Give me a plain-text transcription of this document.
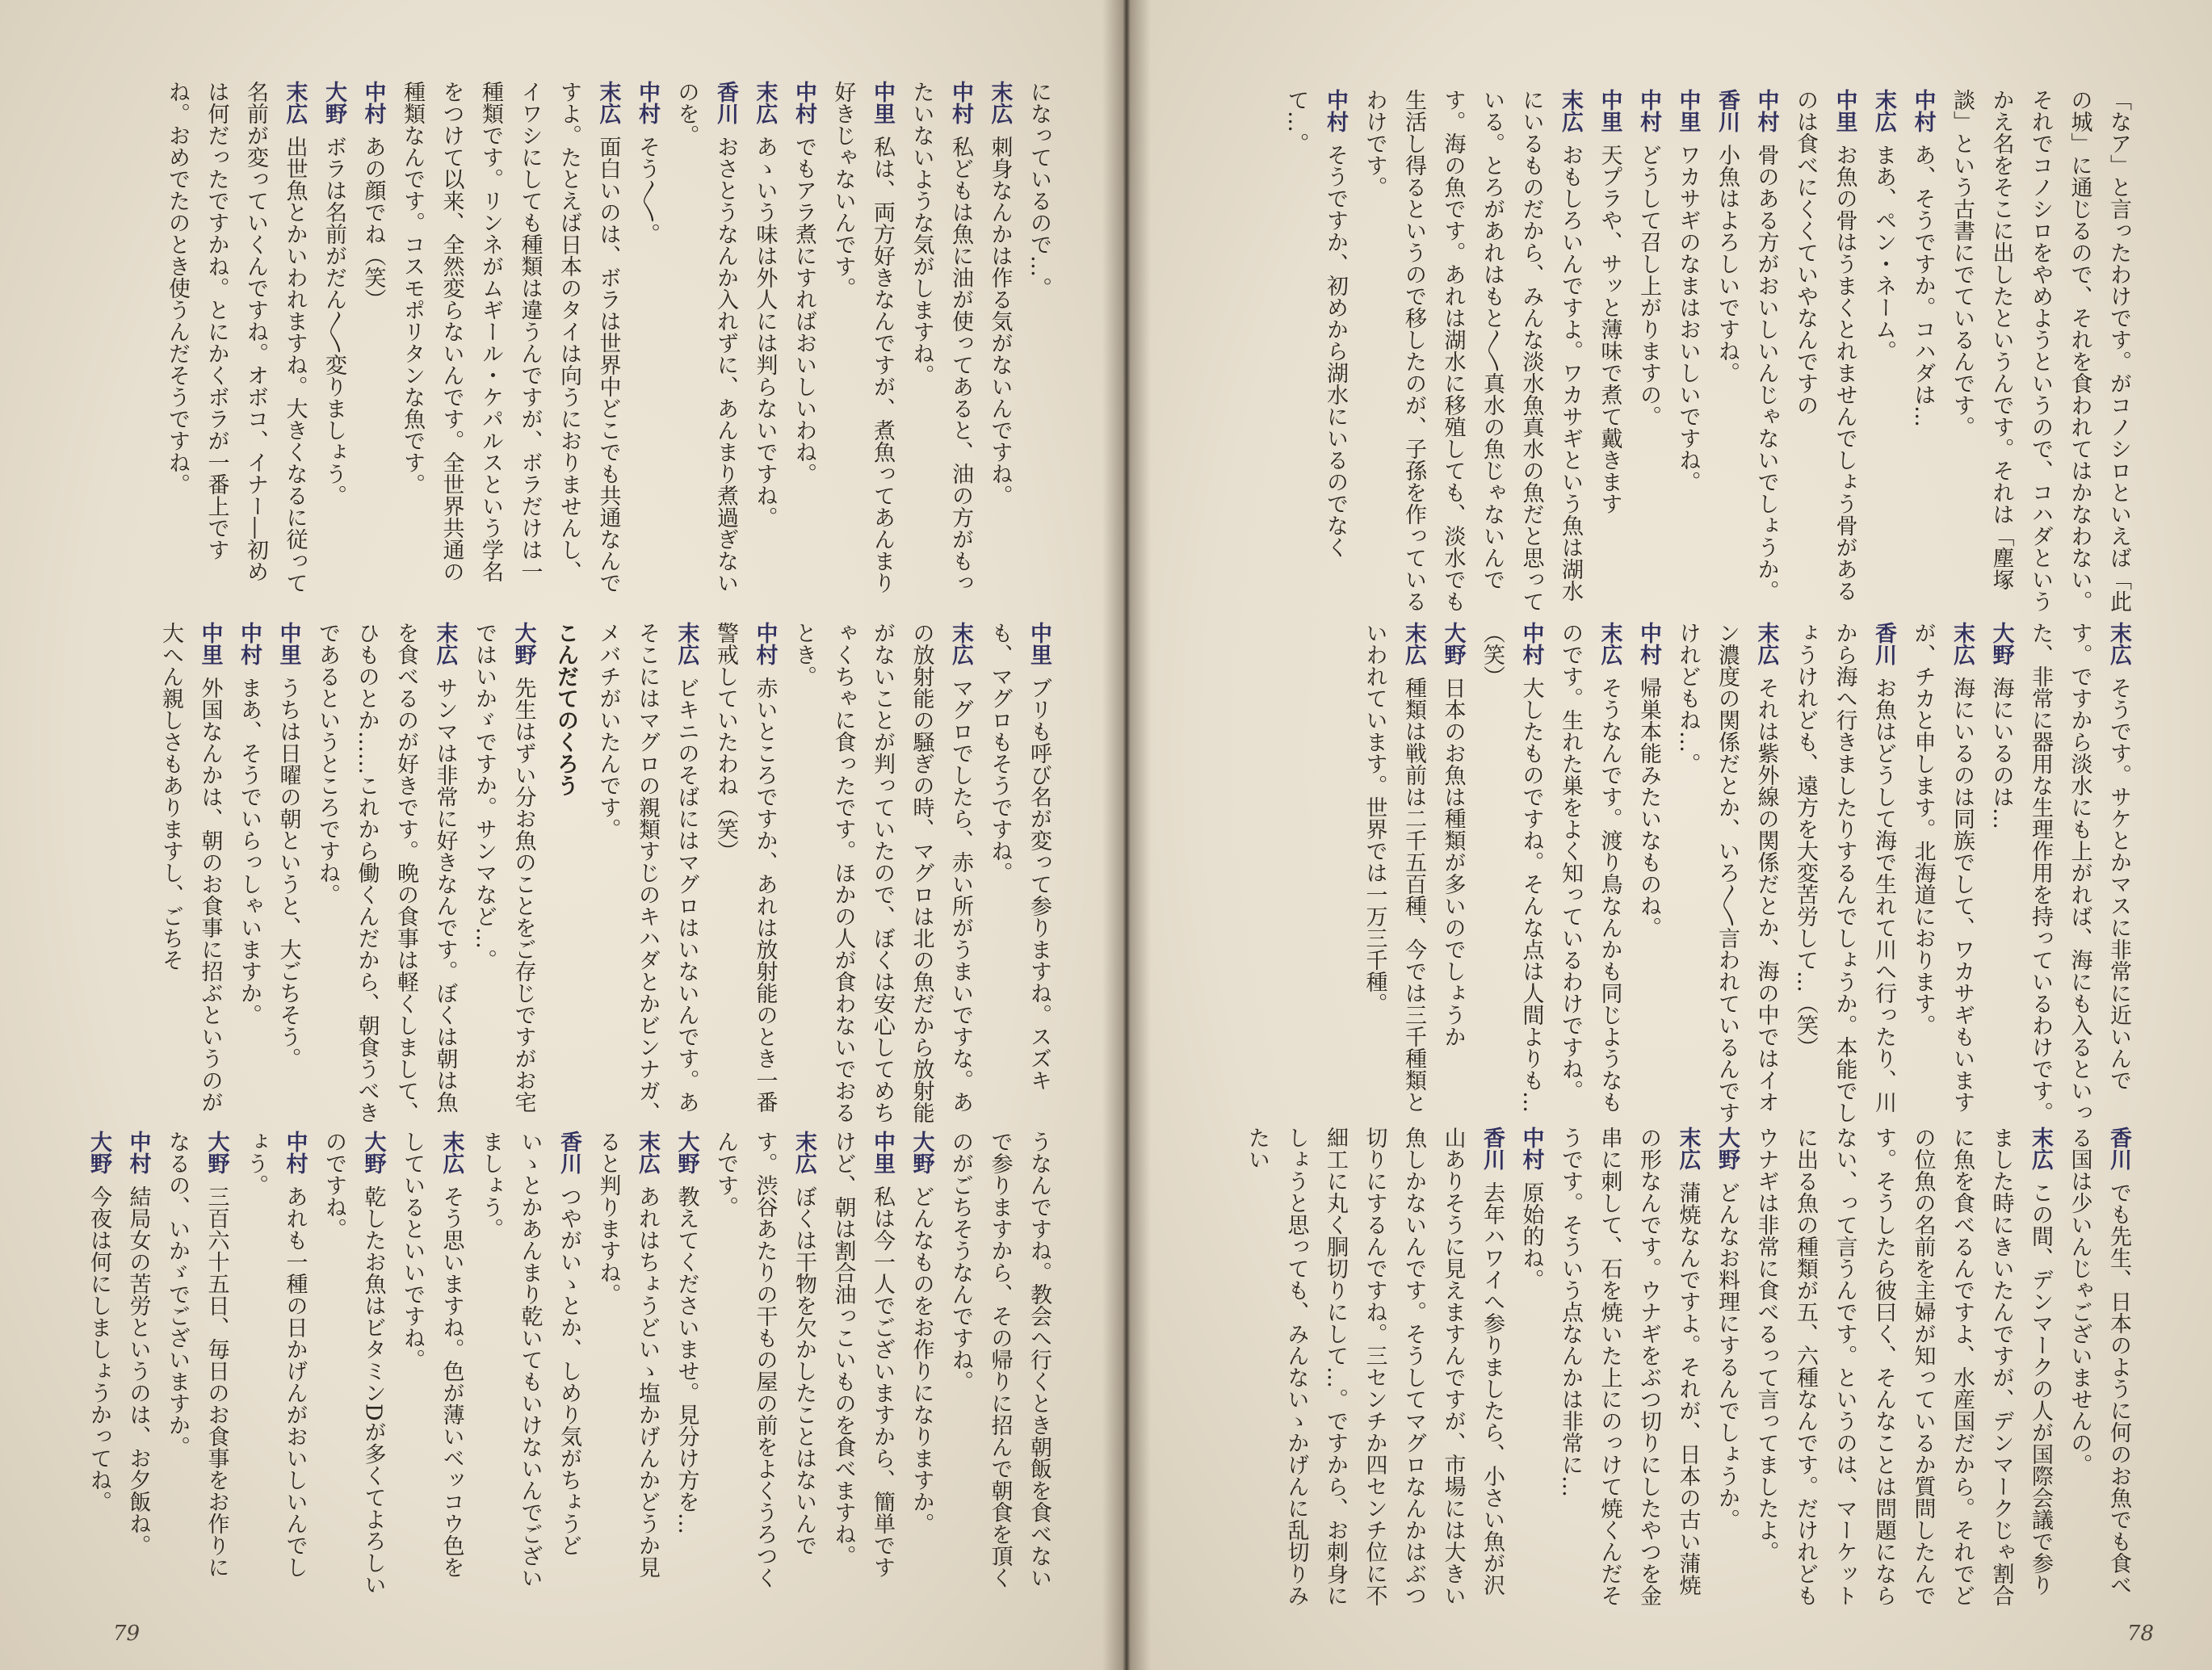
になっているので…。

末広刺身なんかは作る気がないんですね。

中村私どもは魚に油が使ってあると、油の方がもったいないような気がしますね。

中里私は、両方好きなんですが、煮魚ってあんまり好きじゃないんです。

中村でもアラ煮にすればおいしいわね。

末広あゝいう味は外人には判らないですね。

香川おさとうなんか入れずに、あんまり煮過ぎないのを。

中村そう〳〵。

末広面白いのは、ボラは世界中どこでも共通なんですよ。たとえば日本のタイは向うにおりませんし、イワシにしても種類は違うんですが、ボラだけは一種類です。リンネがムギール・ケパルスという学名をつけて以来、全然変らないんです。全世界共通の種類なんです。コスモポリタンな魚です。

中村あの顔でね（笑）

大野ボラは名前がだん〳〵変りましょう。

末広出世魚とかいわれますね。大きくなるに従って名前が変っていくんですね。オボコ、イナー―初めは何だったですかね。とにかくボラが一番上ですね。おめでたのとき使うんだそうですね。

中里ブリも呼び名が変って参りますね。スズキも、マグロもそうですね。

末広マグロでしたら、赤い所がうまいですな。あの放射能の騒ぎの時、マグロは北の魚だから放射能がないことが判っていたので、ぼくは安心してめちゃくちゃに食ったです。ほかの人が食わないでおるとき。

中村赤いところですか、あれは放射能のとき一番警戒していたわね（笑）

末広ビキニのそばにはマグロはいないんです。あそこにはマグロの親類すじのキハダとかビンナガ、メバチがいたんです。

こんだてのくろう

大野先生はずい分お魚のことをご存じですがお宅ではいかゞですか。サンマなど…。

末広サンマは非常に好きなんです。ぼくは朝は魚を食べるのが好きです。晩の食事は軽くしまして、ひものとか……これから働くんだから、朝食うべきであるというところですね。

中里うちは日曜の朝というと、大ごちそう。

中村まあ、そうでいらっしゃいますか。

中里外国なんかは、朝のお食事に招ぶというのが大へん親しさもありますし、ごちそ

うなんですね。教会へ行くとき朝飯を食べないで参りますから、その帰りに招んで朝食を頂くのがごちそうなんですね。

大野どんなものをお作りになりますか。

中里私は今一人でございますから、簡単ですけど、朝は割合油っこいものを食べますね。

末広ぼくは干物を欠かしたことはないんです。渋谷あたりの干もの屋の前をよくうろつくんです。

大野教えてくださいませ。見分け方を…

末広あれはちょうどいゝ塩かげんかどうか見ると判りますね。

香川つやがいゝとか、しめり気がちょうどいゝとかあんまり乾いてもいけないんでございましょう。

末広そう思いますね。色が薄いベッコウ色をしているといいですね。

大野乾したお魚はビタミンDが多くてよろしいのですね。

中村あれも一種の日かげんがおいしいんでしょう。

大野三百六十五日、毎日のお食事をお作りになるの、いかゞでございますか。

中村結局女の苦労というのは、お夕飯ね。

大野今夜は何にしましょうかってね。

79

「なア」と言ったわけです。がコノシロといえば「此の城」に通じるので、それを食われてはかなわない。それでコノシロをやめようというので、コハダというかえ名をそこに出したというんです。それは「塵塚談」という古書にでているんです。

中村あ、そうですか。コハダは…

末広まあ、ペン・ネーム。

中里お魚の骨はうまくとれませんでしょう骨があるのは食べにくくていやなんですの

中村骨のある方がおいしいんじゃないでしょうか。

香川小魚はよろしいですね。

中里ワカサギのなまはおいしいですね。

中村どうして召し上がりますの。

中里天プラや、サッと薄味で煮て戴きます

末広おもしろいんですよ。ワカサギという魚は湖水にいるものだから、みんな淡水魚真水の魚だと思っている。とろがあれはもと〳〵真水の魚じゃないんです。海の魚です。あれは湖水に移殖しても、淡水でも生活し得るというので移したのが、子孫を作っているわけです。

中村そうですか、初めから湖水にいるのでなくて…。

末広そうです。サケとかマスに非常に近いんです。ですから淡水にも上がれば、海にも入るといった、非常に器用な生理作用を持っているわけです。

大野海にいるのは…

末広海にいるのは同族でして、ワカサギもいますが、チカと申します。北海道におります。

香川お魚はどうして海で生れて川へ行ったり、川から海へ行きましたりするんでしょうか。本能でしょうけれども、遠方を大変苦労して…（笑）

末広それは紫外線の関係だとか、海の中ではイオン濃度の関係だとか、いろ〳〵言われているんですけれどもね…。

中村帰巣本能みたいなものね。

末広そうなんです。渡り鳥なんかも同じようなものです。生れた巣をよく知っているわけですね。

中村大したものですね。そんな点は人間よりも…（笑）

大野日本のお魚は種類が多いのでしょうか

末広種類は戦前は二千五百種、今では三千種類といわれています。世界では一万三千種。

香川でも先生、日本のように何のお魚でも食べる国は少いんじゃございませんの。

末広この間、デンマークの人が国際会議で参りました時にきいたんですが、デンマークじゃ割合に魚を食べるんですよ、水産国だから。それでどの位魚の名前を主婦が知っているか質問したんです。そうしたら彼曰く、そんなことは問題にならない、って言うんです。というのは、マーケットに出る魚の種類が五、六種なんです。だけれどもウナギは非常に食べるって言ってましたよ。

大野どんなお料理にするんでしょうか。

末広蒲焼なんですよ。それが、日本の古い蒲焼の形なんです。ウナギをぶつ切りにしたやつを金串に刺して、石を焼いた上にのっけて焼くんだそうです。そういう点なんかは非常に…

中村原始的ね。

香川去年ハワイへ参りましたら、小さい魚が沢山ありそうに見えますんですが、市場には大きい魚しかないんです。そうしてマグロなんかはぶつ切りにするんですね。三センチか四センチ位に不細工に丸く胴切りにして…。ですから、お刺身にしょうと思っても、みんないゝかげんに乱切りみたい

78
